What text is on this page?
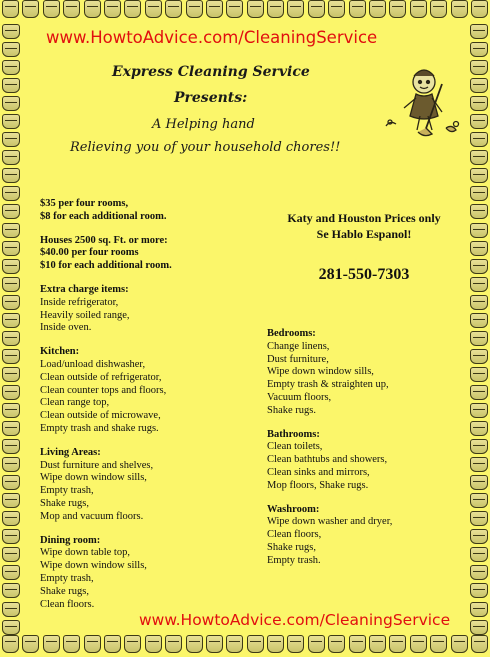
www.HowtoAdvice.com/CleaningService
Express Cleaning Service
Presents:
A Helping hand
Relieving you of your household chores!!
$35 per four rooms,
$8 for each additional room.
Houses 2500 sq. Ft. or more:
$40.00 per four rooms
$10 for each additional room.
Extra charge items:
Inside refrigerator,
Heavily soiled range,
Inside oven.
Kitchen:
Load/unload dishwasher,
Clean outside of refrigerator,
Clean counter tops and floors,
Clean range top,
Clean outside of microwave,
Empty trash and shake rugs.
Living Areas:
Dust furniture and shelves,
Wipe down window sills,
Empty trash,
Shake rugs,
Mop and vacuum floors.
Dining room:
Wipe down table top,
Wipe down window sills,
Empty trash,
Shake rugs,
Clean floors.
Katy and Houston Prices only
Se Hablo Espanol!
281-550-7303
Bedrooms:
Change linens,
Dust furniture,
Wipe down window sills,
Empty trash & straighten up,
Vacuum floors,
Shake rugs.
Bathrooms:
Clean toilets,
Clean bathtubs and showers,
Clean sinks and mirrors,
Mop floors, Shake rugs.
Washroom:
Wipe down washer and dryer,
Clean floors,
Shake rugs,
Empty trash.
www.HowtoAdvice.com/CleaningService
